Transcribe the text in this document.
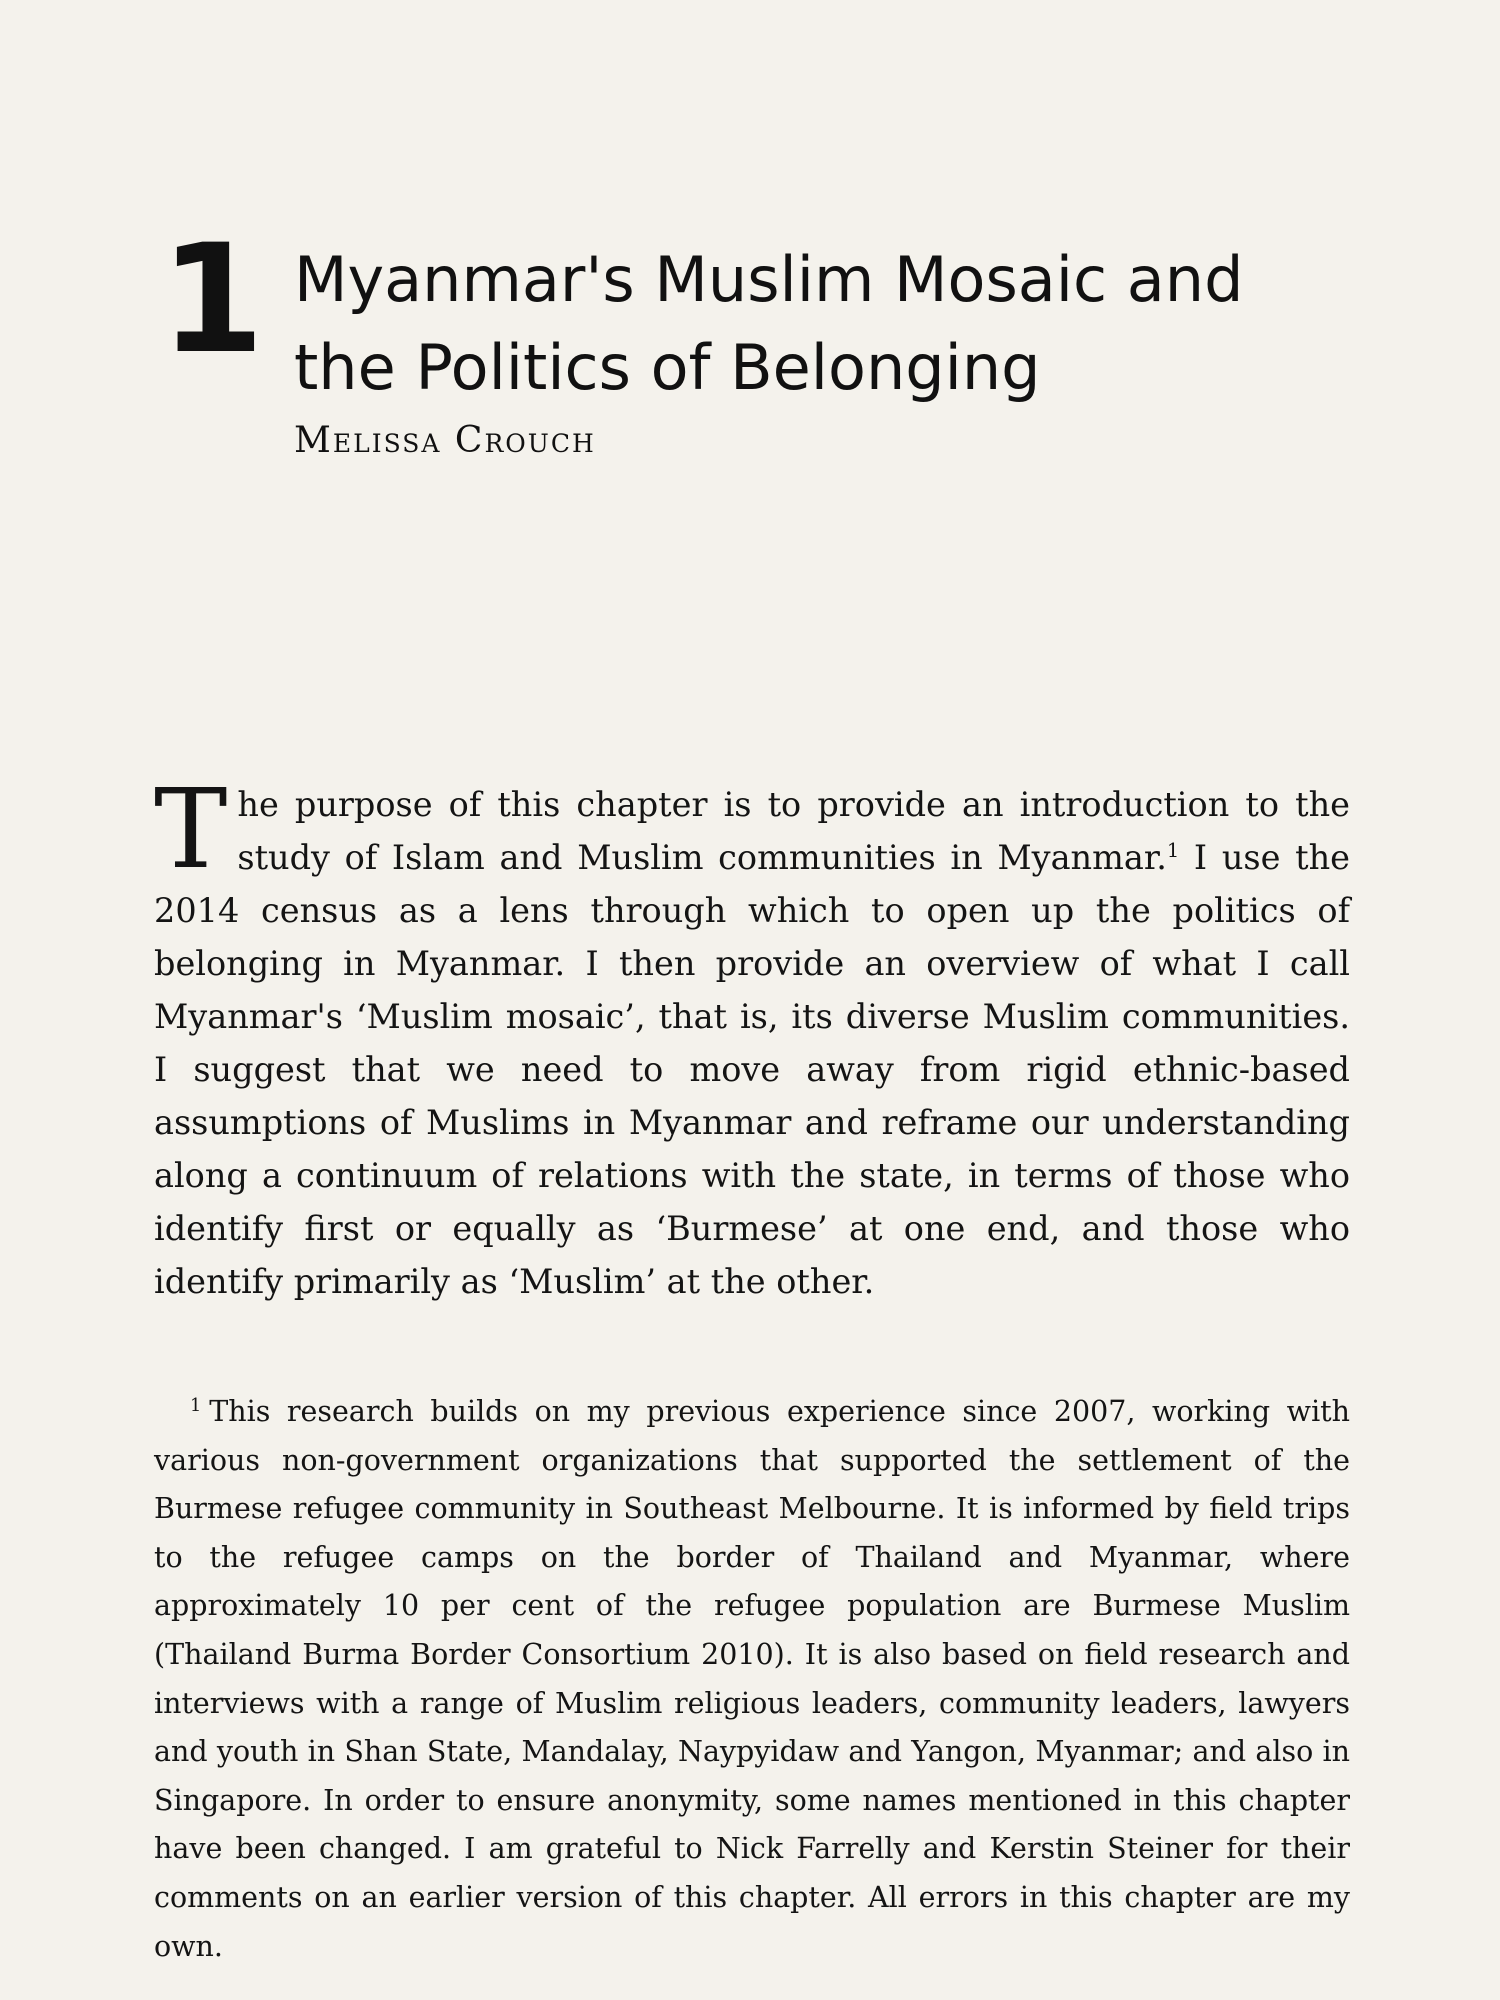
1 Myanmar's Muslim Mosaic and
the Politics of Belonging
Melissa Crouch

The purpose of this chapter is to provide an introduction to the study of Islam and Muslim communities in Myanmar.$^1$ I use the 2014 census as a lens through which to open up the politics of belonging in Myanmar. I then provide an overview of what I call Myanmar's ‘Muslim mosaic’, that is, its diverse Muslim communities. I suggest that we need to move away from rigid ethnic-based assumptions of Muslims in Myanmar and reframe our understanding along a continuum of relations with the state, in terms of those who identify first or equally as ‘Burmese’ at one end, and those who identify primarily as ‘Muslim’ at the other.

$^1$ This research builds on my previous experience since 2007, working with various non-government organizations that supported the settlement of the Burmese refugee community in Southeast Melbourne. It is informed by field trips to the refugee camps on the border of Thailand and Myanmar, where approximately 10 per cent of the refugee population are Burmese Muslim (Thailand Burma Border Consortium 2010). It is also based on field research and interviews with a range of Muslim religious leaders, community leaders, lawyers and youth in Shan State, Mandalay, Naypyidaw and Yangon, Myanmar; and also in Singapore. In order to ensure anonymity, some names mentioned in this chapter have been changed. I am grateful to Nick Farrelly and Kerstin Steiner for their comments on an earlier version of this chapter. All errors in this chapter are my own.
